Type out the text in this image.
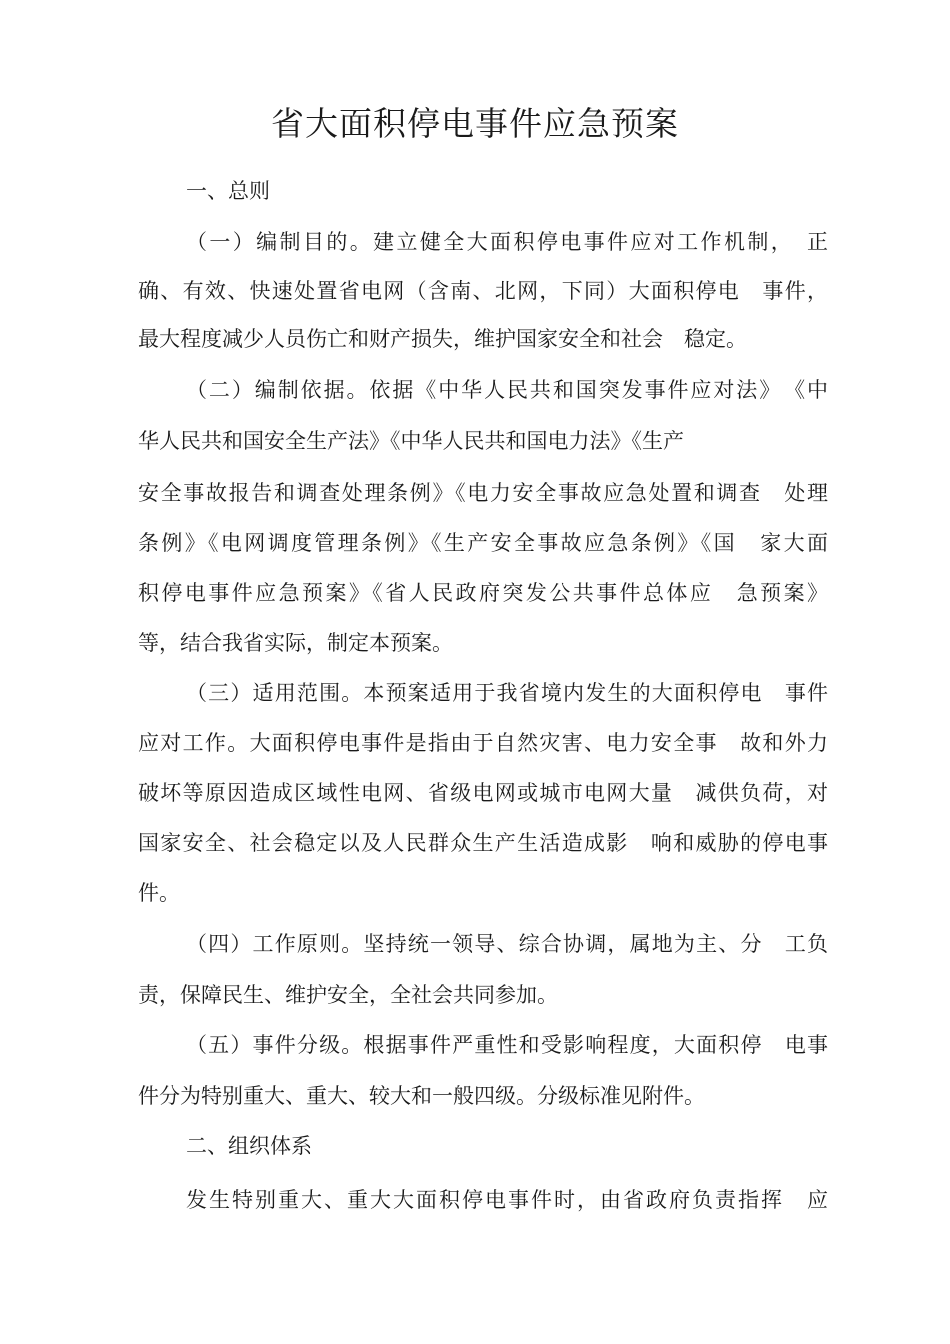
省大面积停电事件应急预案

一、总则

（一）编制目的。建立健全大面积停电事件应对工作机制，　正

确、有效、快速处置省电网（含南、北网，下同）大面积停电　事件，

最大程度减少人员伤亡和财产损失，维护国家安全和社会　稳定。

（二）编制依据。依据《中华人民共和国突发事件应对法》　《中

华人民共和国安全生产法》《中华人民共和国电力法》《生产

安全事故报告和调查处理条例》《电力安全事故应急处置和调查　处理

条例》《电网调度管理条例》《生产安全事故应急条例》《国　家大面

积停电事件应急预案》《省人民政府突发公共事件总体应　急预案》

等，结合我省实际，制定本预案。

（三）适用范围。本预案适用于我省境内发生的大面积停电　事件

应对工作。大面积停电事件是指由于自然灾害、电力安全事　故和外力

破坏等原因造成区域性电网、省级电网或城市电网大量　减供负荷，对

国家安全、社会稳定以及人民群众生产生活造成影　响和威胁的停电事

件。

（四）工作原则。坚持统一领导、综合协调，属地为主、分　工负

责，保障民生、维护安全，全社会共同参加。

（五）事件分级。根据事件严重性和受影响程度，大面积停　电事

件分为特别重大、重大、较大和一般四级。分级标准见附件。

二、组织体系

发生特别重大、重大大面积停电事件时，由省政府负责指挥　应
